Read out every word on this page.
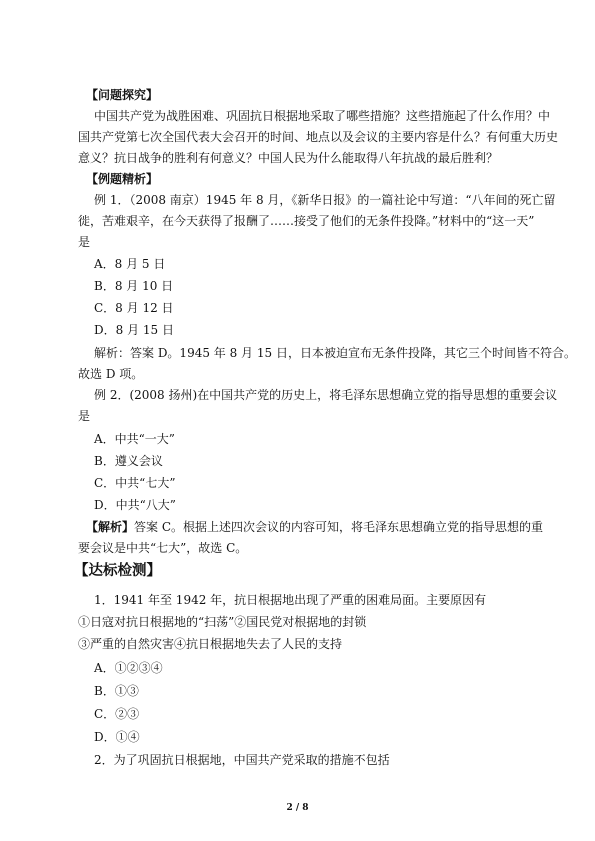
【问题探究】
中国共产党为战胜困难、巩固抗日根据地采取了哪些措施？这些措施起了什么作用？中
国共产党第七次全国代表大会召开的时间、地点以及会议的主要内容是什么？有何重大历史
意义？抗日战争的胜利有何意义？中国人民为什么能取得八年抗战的最后胜利？
【例题精析】
例 1．（2008 南京）1945 年 8 月，《新华日报》的一篇社论中写道：“八年间的死亡留
徙，苦难艰辛，在今天获得了报酬了……接受了他们的无条件投降。”材料中的“这一天”
是
A．8 月 5 日
B．8 月 10 日
C．8 月 12 日
D．8 月 15 日
解析：答案 D。1945 年 8 月 15 日，日本被迫宣布无条件投降，其它三个时间皆不符合。
故选 D 项。
例 2．(2008 扬州)在中国共产党的历史上，将毛泽东思想确立党的指导思想的重要会议
是
A．中共“一大”
B．遵义会议
C．中共“七大”
D．中共“八大”
【解析】答案 C。根据上述四次会议的内容可知，将毛泽东思想确立党的指导思想的重
要会议是中共“七大”，故选 C。
【达标检测】
1．1941 年至 1942 年，抗日根据地出现了严重的困难局面。主要原因有
①日寇对抗日根据地的“扫荡”②国民党对根据地的封锁
③严重的自然灾害④抗日根据地失去了人民的支持
A．①②③④
B．①③
C．②③
D．①④
2．为了巩固抗日根据地，中国共产党采取的措施不包括
2 / 8
